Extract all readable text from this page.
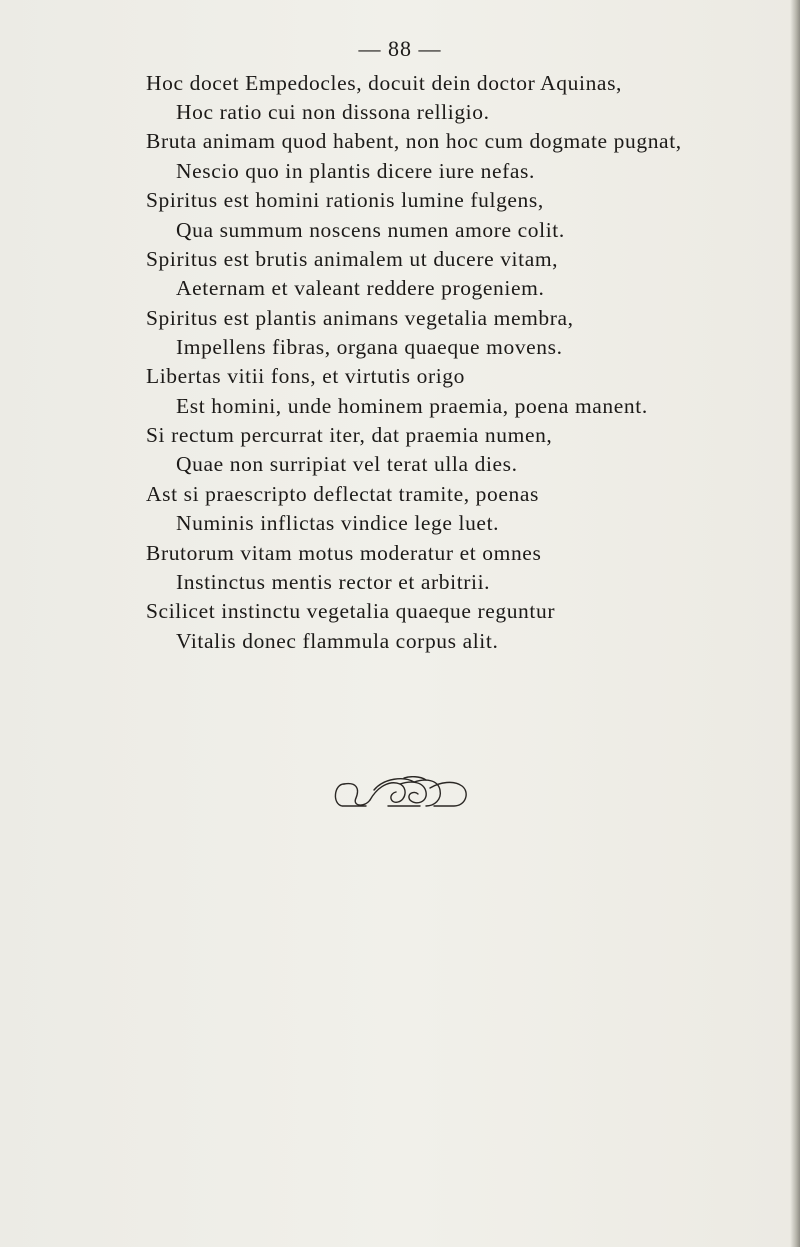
— 88 —
Hoc docet Empedocles, docuit dein doctor Aquinas,
Hoc ratio cui non dissona relligio.
Bruta animam quod habent, non hoc cum dogmate pugnat,
Nescio quo in plantis dicere iure nefas.
Spiritus est homini rationis lumine fulgens,
Qua summum noscens numen amore colit.
Spiritus est brutis animalem ut ducere vitam,
Aeternam et valeant reddere progeniem.
Spiritus est plantis animans vegetalia membra,
Impellens fibras, organa quaeque movens.
Libertas vitii fons, et virtutis origo
Est homini, unde hominem praemia, poena manent.
Si rectum percurrat iter, dat praemia numen,
Quae non surripiat vel terat ulla dies.
Ast si praescripto deflectat tramite, poenas
Numinis inflictas vindice lege luet.
Brutorum vitam motus moderatur et omnes
Instinctus mentis rector et arbitrii.
Scilicet instinctu vegetalia quaeque reguntur
Vitalis donec flammula corpus alit.
